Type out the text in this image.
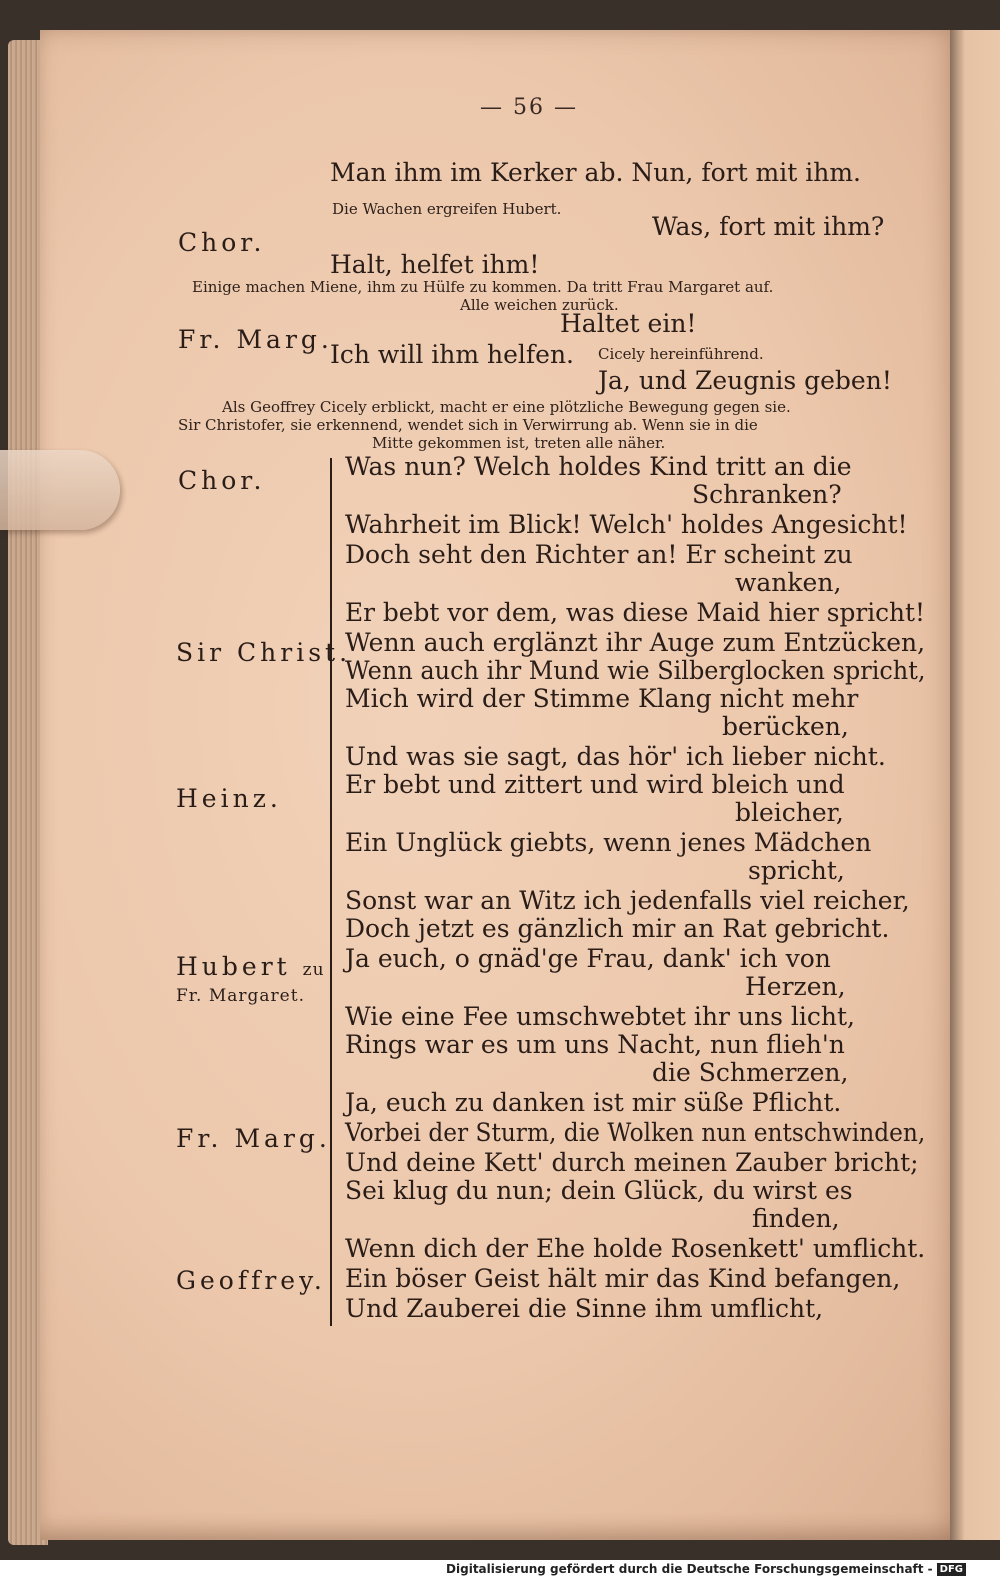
— 56 —
Man ihm im Kerker ab. Nun, fort mit ihm.
Die Wachen ergreifen Hubert.
Chor.
Was, fort mit ihm?
Halt, helfet ihm!
Einige machen Miene, ihm zu Hülfe zu kommen. Da tritt Frau Margaret auf.
Alle weichen zurück.
Fr. Marg.
Haltet ein!
Ich will ihm helfen. Cicely hereinführend.
Ja, und Zeugnis geben!
Als Geoffrey Cicely erblickt, macht er eine plötzliche Bewegung gegen sie.
Sir Christofer, sie erkennend, wendet sich in Verwirrung ab. Wenn sie in die
Mitte gekommen ist, treten alle näher.
Chor.
Sir Christ.
Heinz.
Hubert zu
Fr. Margaret.
Fr. Marg.
Geoffrey.
Was nun? Welch holdes Kind tritt an die
Schranken?
Wahrheit im Blick! Welch' holdes Angesicht!
Doch seht den Richter an! Er scheint zu
wanken,
Er bebt vor dem, was diese Maid hier spricht!
Wenn auch erglänzt ihr Auge zum Entzücken,
Wenn auch ihr Mund wie Silberglocken spricht,
Mich wird der Stimme Klang nicht mehr
berücken,
Und was sie sagt, das hör' ich lieber nicht.
Er bebt und zittert und wird bleich und
bleicher,
Ein Unglück giebts, wenn jenes Mädchen
spricht,
Sonst war an Witz ich jedenfalls viel reicher,
Doch jetzt es gänzlich mir an Rat gebricht.
Ja euch, o gnäd'ge Frau, dank' ich von
Herzen,
Wie eine Fee umschwebtet ihr uns licht,
Rings war es um uns Nacht, nun flieh'n
die Schmerzen,
Ja, euch zu danken ist mir süße Pflicht.
Vorbei der Sturm, die Wolken nun entschwinden,
Und deine Kett' durch meinen Zauber bricht;
Sei klug du nun; dein Glück, du wirst es
finden,
Wenn dich der Ehe holde Rosenkett' umflicht.
Ein böser Geist hält mir das Kind befangen,
Und Zauberei die Sinne ihm umflicht,
Digitalisierung gefördert durch die Deutsche Forschungsgemeinschaft - DFG
